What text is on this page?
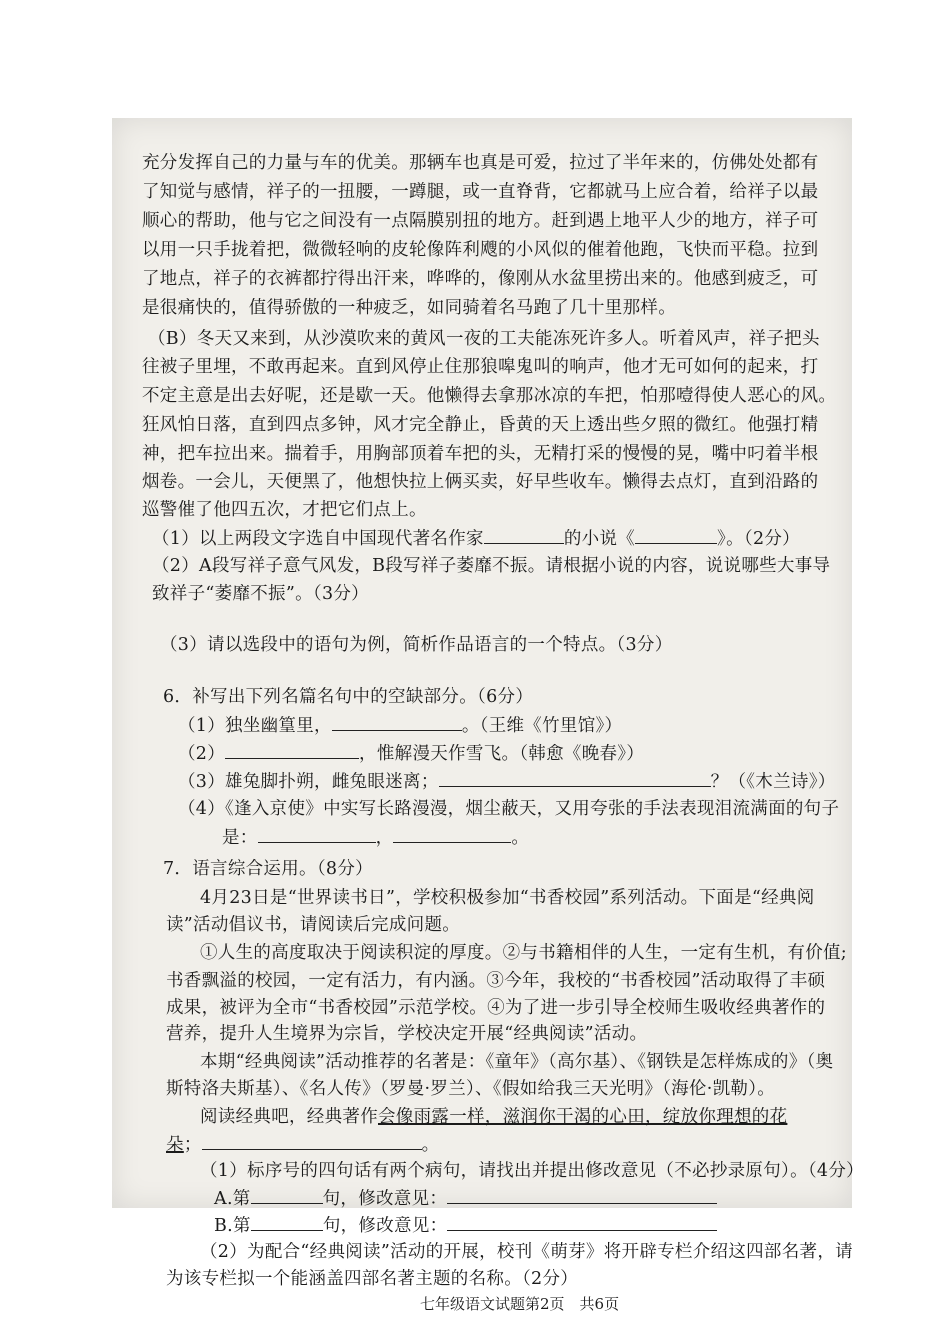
充分发挥自己的力量与车的优美。那辆车也真是可爱，拉过了半年来的，仿佛处处都有
了知觉与感情，祥子的一扭腰，一蹲腿，或一直脊背，它都就马上应合着，给祥子以最
顺心的帮助，他与它之间没有一点隔膜别扭的地方。赶到遇上地平人少的地方，祥子可
以用一只手拢着把，微微轻响的皮轮像阵利飕的小风似的催着他跑，飞快而平稳。拉到
了地点，祥子的衣裤都拧得出汗来，哗哗的，像刚从水盆里捞出来的。他感到疲乏，可
是很痛快的，值得骄傲的一种疲乏，如同骑着名马跑了几十里那样。
（B）冬天又来到，从沙漠吹来的黄风一夜的工夫能冻死许多人。听着风声，祥子把头
往被子里埋，不敢再起来。直到风停止住那狼嗥鬼叫的响声，他才无可如何的起来，打
不定主意是出去好呢，还是歇一天。他懒得去拿那冰凉的车把，怕那噎得使人恶心的风。
狂风怕日落，直到四点多钟，风才完全静止，昏黄的天上透出些夕照的微红。他强打精
神，把车拉出来。揣着手，用胸部顶着车把的头，无精打采的慢慢的晃，嘴中叼着半根
烟卷。一会儿，天便黑了，他想快拉上俩买卖，好早些收车。懒得去点灯，直到沿路的
巡警催了他四五次，才把它们点上。
（1）以上两段文字选自中国现代著名作家	的小说《	》。（2分）
（2）A段写祥子意气风发，B段写祥子萎靡不振。请根据小说的内容，说说哪些大事导
致祥子“萎靡不振”。（3分）
（3）请以选段中的语句为例，简析作品语言的一个特点。（3分）
6．补写出下列名篇名句中的空缺部分。（6分）
（1）独坐幽篁里，	。（王维《竹里馆》）
（2）	，惟解漫天作雪飞。（韩愈《晚春》）
（3）雄兔脚扑朔，雌兔眼迷离；	？（《木兰诗》）
（4）《逢入京使》中实写长路漫漫，烟尘蔽天，又用夸张的手法表现泪流满面的句子
是：	，	。
7．语言综合运用。（8分）
4月23日是“世界读书日”，学校积极参加“书香校园”系列活动。下面是“经典阅
读”活动倡议书，请阅读后完成问题。
①人生的高度取决于阅读积淀的厚度。②与书籍相伴的人生，一定有生机，有价值;
书香飘溢的校园，一定有活力，有内涵。③今年，我校的“书香校园”活动取得了丰硕
成果，被评为全市“书香校园”示范学校。④为了进一步引导全校师生吸收经典著作的
营养，提升人生境界为宗旨，学校决定开展“经典阅读”活动。
本期“经典阅读”活动推荐的名著是：《童年》（高尔基）、《钢铁是怎样炼成的》（奥
斯特洛夫斯基）、《名人传》（罗曼·罗兰）、《假如给我三天光明》（海伦·凯勒）。
阅读经典吧，经典著作会像雨露一样，滋润你干渴的心田，绽放你理想的花
朵；	。
（1）标序号的四句话有两个病句，请找出并提出修改意见（不必抄录原句）。（4分）
A.第	句，修改意见：
B.第	句，修改意见：
（2）为配合“经典阅读”活动的开展，校刊《萌芽》将开辟专栏介绍这四部名著，请
为该专栏拟一个能涵盖四部名著主题的名称。（2分）
七年级语文试题第2页　共6页
